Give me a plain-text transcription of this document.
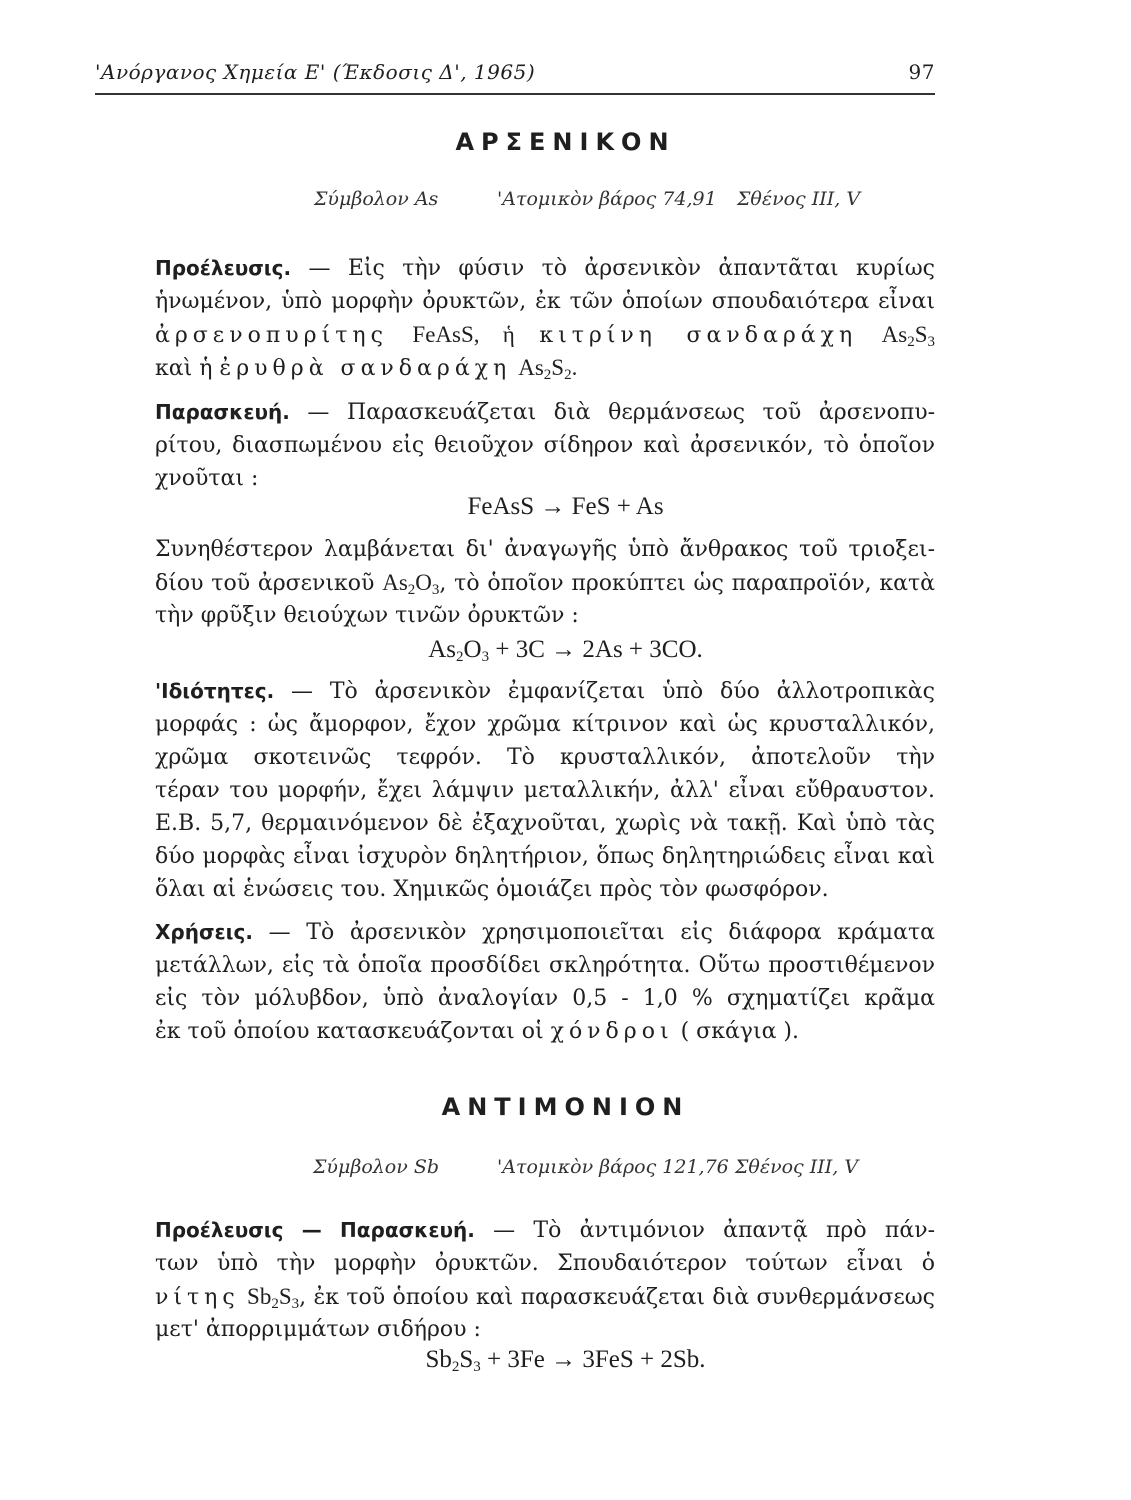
'Ανόργανος Χημεία Ε' (Έκδοσις Δ', 1965)	97
ΑΡΣΕΝΙΚΟΝ
Σύμβολον As	'Ατομικὸν βάρος 74,91 Σθένος III, V
Προέλευσις. — Εἰς τὴν φύσιν τὸ ἀρσενικὸν ἀπαντᾶται κυρίως
ἡνωμένον, ὑπὸ μορφὴν ὀρυκτῶν, ἐκ τῶν ὁποίων σπουδαιότερα εἶναι
ἀρσενοπυρίτης FeAsS, ἡ κιτρίνη σανδαράχη $As_2S_3$
καὶ ἡ ἐρυθρὰ σανδαράχη $As_2S_2$.
Παρασκευή. — Παρασκευάζεται διὰ θερμάνσεως τοῦ ἀρσενοπυ-
ρίτου, διασπωμένου εἰς θειοῦχον σίδηρον καὶ ἀρσενικόν, τὸ ὁποῖον
χνοῦται :
FeAsS → FeS + As
Συνηθέστερον λαμβάνεται δι' ἀναγωγῆς ὑπὸ ἄνθρακος τοῦ τριοξει-
δίου τοῦ ἀρσενικοῦ $As_2O_3$, τὸ ὁποῖον προκύπτει ὡς παραπροϊόν, κατὰ
τὴν φρῦξιν θειούχων τινῶν ὀρυκτῶν :
$As_2O_3 + 3C \to 2As + 3CO$.
'Ιδιότητες. — Τὸ ἀρσενικὸν ἐμφανίζεται ὑπὸ δύο ἀλλοτροπικὰς
μορφάς : ὡς ἄμορφον, ἔχον χρῶμα κίτρινον καὶ ὡς κρυσταλλικόν,
χρῶμα σκοτεινῶς τεφρόν. Τὸ κρυσταλλικόν, ἀποτελοῦν τὴν
τέραν του μορφήν, ἔχει λάμψιν μεταλλικήν, ἀλλ' εἶναι εὔθραυστον.
Ε.Β. 5,7, θερμαινόμενον δὲ ἐξαχνοῦται, χωρὶς νὰ τακῇ. Καὶ ὑπὸ τὰς
δύο μορφὰς εἶναι ἰσχυρὸν δηλητήριον, ὅπως δηλητηριώδεις εἶναι καὶ
ὅλαι αἱ ἑνώσεις του. Χημικῶς ὁμοιάζει πρὸς τὸν φωσφόρον.
Χρήσεις. — Τὸ ἀρσενικὸν χρησιμοποιεῖται εἰς διάφορα κράματα
μετάλλων, εἰς τὰ ὁποῖα προσδίδει σκληρότητα. Οὕτω προστιθέμενον
εἰς τὸν μόλυβδον, ὑπὸ ἀναλογίαν 0,5 - 1,0 % σχηματίζει κρᾶμα
ἐκ τοῦ ὁποίου κατασκευάζονται οἱ χόνδροι ( σκάγια ).
ΑΝΤΙΜΟΝΙΟΝ
Σύμβολον Sb	'Ατομικὸν βάρος 121,76 Σθένος III, V
Προέλευσις — Παρασκευή. — Τὸ ἀντιμόνιον ἀπαντᾷ πρὸ πάν-
των ὑπὸ τὴν μορφὴν ὀρυκτῶν. Σπουδαιότερον τούτων εἶναι ὁ
νίτης $Sb_2S_3$, ἐκ τοῦ ὁποίου καὶ παρασκευάζεται διὰ συνθερμάνσεως
μετ' ἀπορριμμάτων σιδήρου :
$Sb_2S_3 + 3Fe \to 3FeS + 2Sb$.
